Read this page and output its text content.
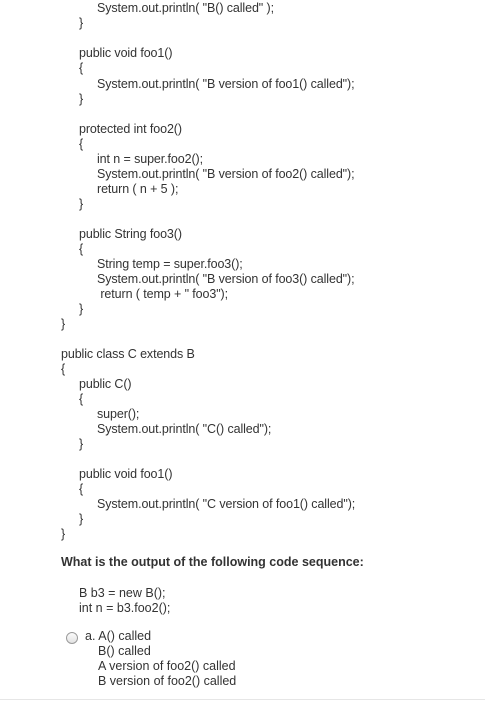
System.out.println( "B() called" );
}
public void foo1()
{
System.out.println( "B version of foo1() called");
}
protected int foo2()
{
int n = super.foo2();
System.out.println( "B version of foo2() called");
return ( n + 5 );
}
public String foo3()
{
String temp = super.foo3();
System.out.println( "B version of foo3() called");
return ( temp + " foo3");
}
}
public class C extends B
{
public C()
{
super();
System.out.println( "C() called");
}
public void foo1()
{
System.out.println( "C version of foo1() called");
}
}
What is the output of the following code sequence:
B b3 = new B();
int n = b3.foo2();
a. A() called
B() called
A version of foo2() called
B version of foo2() called
